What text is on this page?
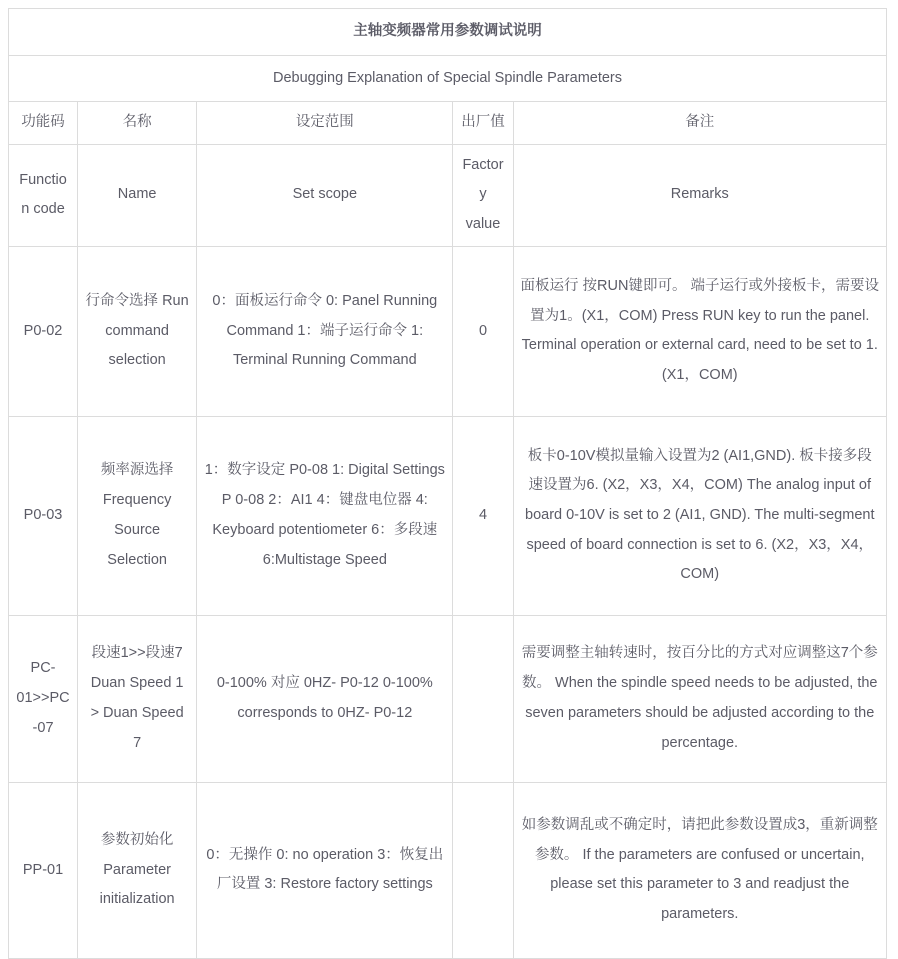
主轴变频器常用参数调试说明				
Debugging Explanation of Special Spindle Parameters				
功能码	名称	设定范围	出厂值	备注
Function code	Name	Set scope	Factory value	Remarks
P0-02	行命令选择 Run command selection	0：面板运行命令 0: Panel Running Command 1：端子运行命令 1: Terminal Running Command	0	面板运行 按RUN键即可。 端子运行或外接板卡，需要设置为1。(X1，COM) Press RUN key to run the panel. Terminal operation or external card, need to be set to 1. (X1，COM)
P0-03	频率源选择 Frequency Source Selection	1：数字设定 P0-08 1: Digital Settings P 0-08 2：AI1 4：键盘电位器 4: Keyboard potentiometer 6：多段速 6:Multistage Speed	4	板卡0-10V模拟量输入设置为2 (AI1,GND). 板卡接多段速设置为6. (X2，X3，X4，COM) The analog input of board 0-10V is set to 2 (AI1, GND). The multi-segment speed of board connection is set to 6. (X2，X3，X4，COM)
PC-01>>PC-07	段速1>>段速7 Duan Speed 1 > Duan Speed 7	0-100% 对应 0HZ- P0-12 0-100% corresponds to 0HZ- P0-12		需要调整主轴转速时，按百分比的方式对应调整这7个参数。 When the spindle speed needs to be adjusted, the seven parameters should be adjusted according to the percentage.
PP-01	参数初始化 Parameter initialization	0：无操作 0: no operation 3：恢复出厂设置 3: Restore factory settings		如参数调乱或不确定时，请把此参数设置成3，重新调整参数。 If the parameters are confused or uncertain, please set this parameter to 3 and readjust the parameters.
